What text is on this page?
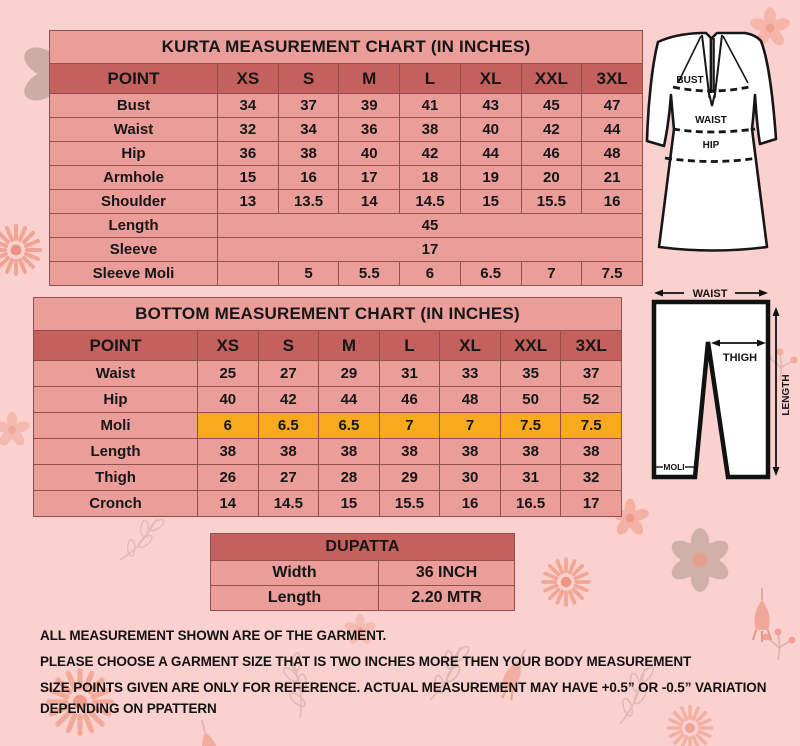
KURTA MEASUREMENT CHART (IN INCHES)							
POINT	XS	S	M	L	XL	XXL	3XL
Bust	34	37	39	41	43	45	47
Waist	32	34	36	38	40	42	44
Hip	36	38	40	42	44	46	48
Armhole	15	16	17	18	19	20	21
Shoulder	13	13.5	14	14.5	15	15.5	16
Length	45						
Sleeve	17						
Sleeve Moli		5	5.5	6	6.5	7	7.5
BOTTOM MEASUREMENT CHART (IN INCHES)							
POINT	XS	S	M	L	XL	XXL	3XL
Waist	25	27	29	31	33	35	37
Hip	40	42	44	46	48	50	52
Moli	6	6.5	6.5	7	7	7.5	7.5
Length	38	38	38	38	38	38	38
Thigh	26	27	28	29	30	31	32
Cronch	14	14.5	15	15.5	16	16.5	17
DUPATTA	
Width	36 INCH
Length	2.20 MTR
BUST
WAIST
HIP
WAIST
THIGH
LENGTH
MOLI
ALL MEASUREMENT SHOWN ARE OF THE GARMENT.
PLEASE CHOOSE A GARMENT SIZE THAT IS TWO INCHES MORE THEN YOUR BODY MEASUREMENT
SIZE POINTS GIVEN ARE ONLY FOR REFERENCE. ACTUAL MEASUREMENT MAY HAVE +0.5” OR -0.5” VARIATION
DEPENDING ON PPATTERN
